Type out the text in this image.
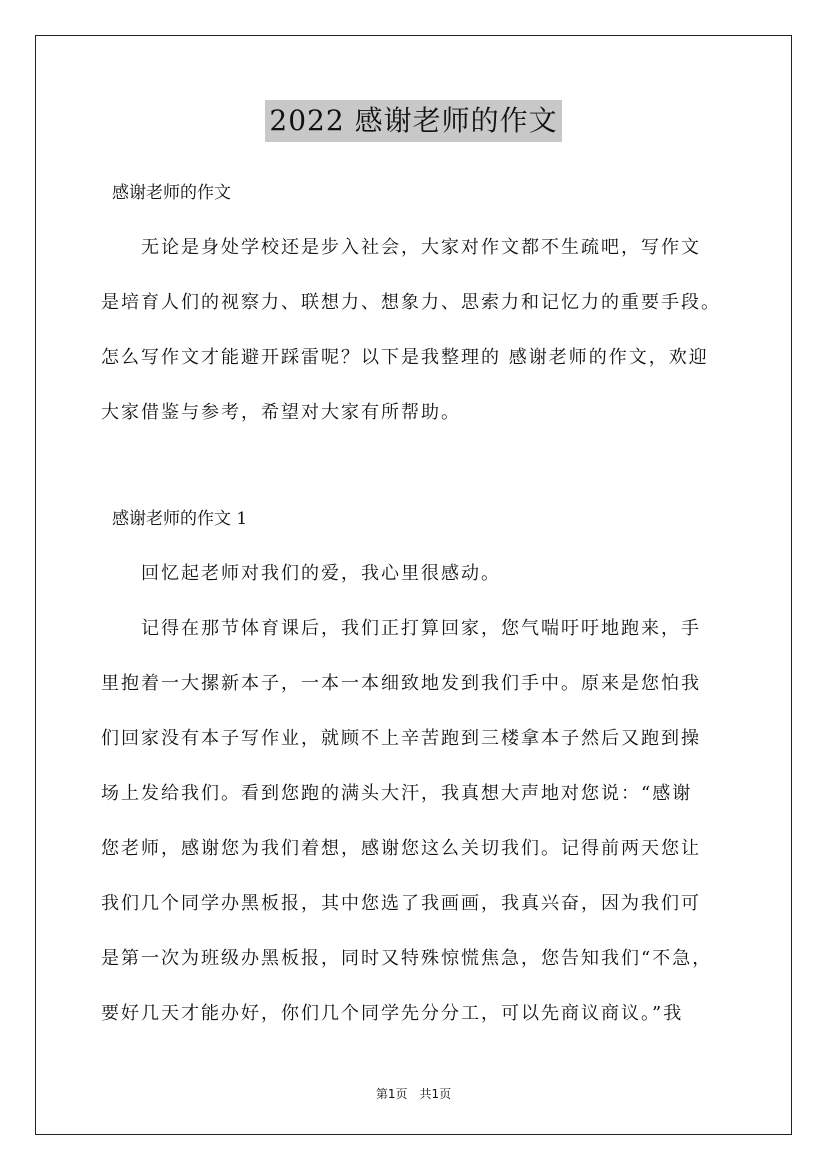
2022 感谢老师的作文
感谢老师的作文
　　无论是身处学校还是步入社会，大家对作文都不生疏吧，写作文
是培育人们的视察力、联想力、想象力、思索力和记忆力的重要手段。
怎么写作文才能避开踩雷呢？以下是我整理的 感谢老师的作文，欢迎
大家借鉴与参考，希望对大家有所帮助。
感谢老师的作文 1
　　回忆起老师对我们的爱，我心里很感动。
　　记得在那节体育课后，我们正打算回家，您气喘吁吁地跑来，手
里抱着一大摞新本子，一本一本细致地发到我们手中。原来是您怕我
们回家没有本子写作业，就顾不上辛苦跑到三楼拿本子然后又跑到操
场上发给我们。看到您跑的满头大汗，我真想大声地对您说：“感谢
您老师，感谢您为我们着想，感谢您这么关切我们。记得前两天您让
我们几个同学办黑板报，其中您选了我画画，我真兴奋，因为我们可
是第一次为班级办黑板报，同时又特殊惊慌焦急，您告知我们“不急，
要好几天才能办好，你们几个同学先分分工，可以先商议商议。”我
第1页　共1页
